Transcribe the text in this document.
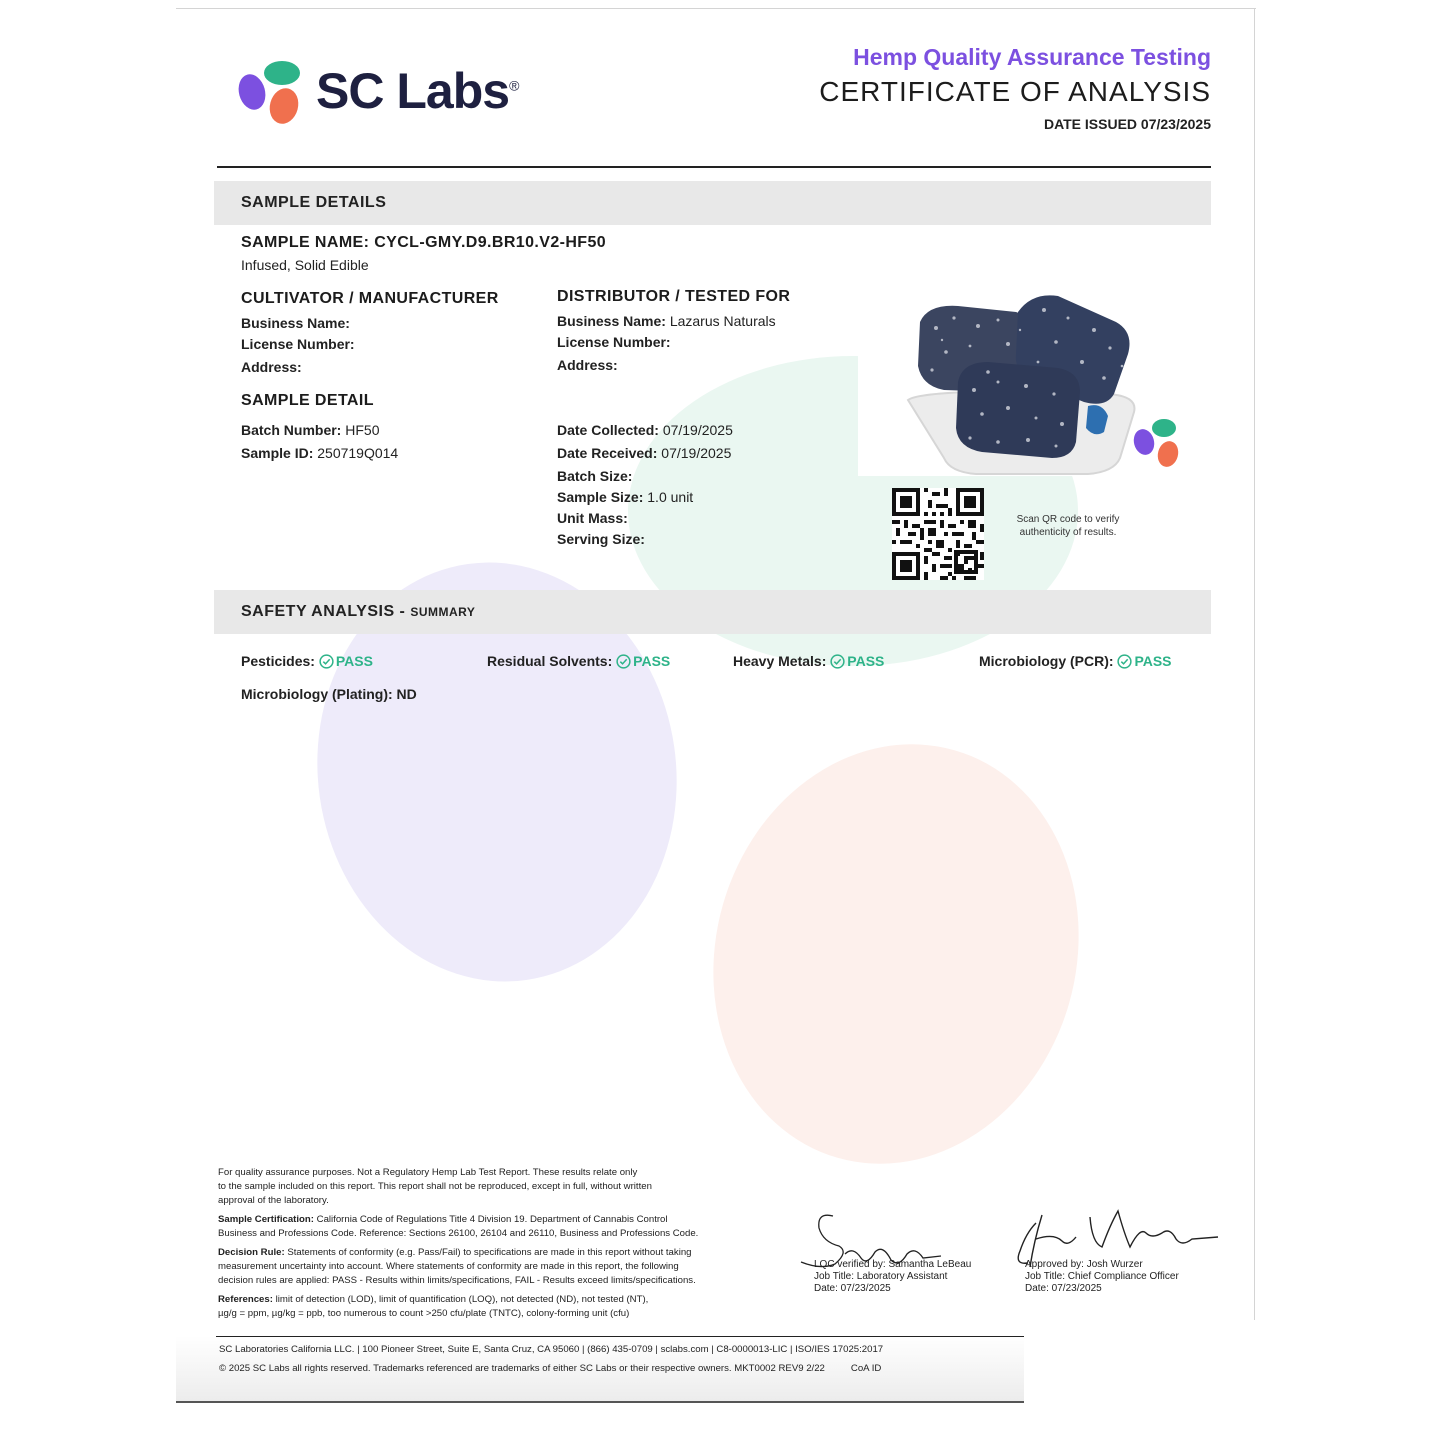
SC Labs®
Hemp Quality Assurance Testing
CERTIFICATE OF ANALYSIS
DATE ISSUED 07/23/2025
SAMPLE DETAILS
SAMPLE NAME: CYCL-GMY.D9.BR10.V2-HF50
Infused, Solid Edible
CULTIVATOR / MANUFACTURER
Business Name:
License Number:
Address:
DISTRIBUTOR / TESTED FOR
Business Name: Lazarus Naturals
License Number:
Address:
SAMPLE DETAIL
Batch Number: HF50
Sample ID: 250719Q014
Date Collected: 07/19/2025
Date Received: 07/19/2025
Batch Size:
Sample Size: 1.0 unit
Unit Mass:
Serving Size:
Scan QR code to verify authenticity of results.
SAFETY ANALYSIS - SUMMARY
Pesticides: PASS	Residual Solvents: PASS	Heavy Metals: PASS	Microbiology (PCR): PASS
Microbiology (Plating): ND
For quality assurance purposes. Not a Regulatory Hemp Lab Test Report. These results relate only
to the sample included on this report. This report shall not be reproduced, except in full, without written
approval of the laboratory.
Sample Certification: California Code of Regulations Title 4 Division 19. Department of Cannabis Control
Business and Professions Code. Reference: Sections 26100, 26104 and 26110, Business and Professions Code.
Decision Rule: Statements of conformity (e.g. Pass/Fail) to specifications are made in this report without taking
measurement uncertainty into account. Where statements of conformity are made in this report, the following
decision rules are applied: PASS - Results within limits/specifications, FAIL - Results exceed limits/specifications.
References: limit of detection (LOD), limit of quantification (LOQ), not detected (ND), not tested (NT),
µg/g = ppm, µg/kg = ppb, too numerous to count >250 cfu/plate (TNTC), colony-forming unit (cfu)
LQC verified by: Samantha LeBeau
Job Title: Laboratory Assistant
Date: 07/23/2025
Approved by: Josh Wurzer
Job Title: Chief Compliance Officer
Date: 07/23/2025
SC Laboratories California LLC. | 100 Pioneer Street, Suite E, Santa Cruz, CA 95060 | (866) 435-0709 | sclabs.com | C8-0000013-LIC | ISO/IES 17025:2017
© 2025 SC Labs all rights reserved. Trademarks referenced are trademarks of either SC Labs or their respective owners. MKT0002 REV9 2/22	CoA ID
